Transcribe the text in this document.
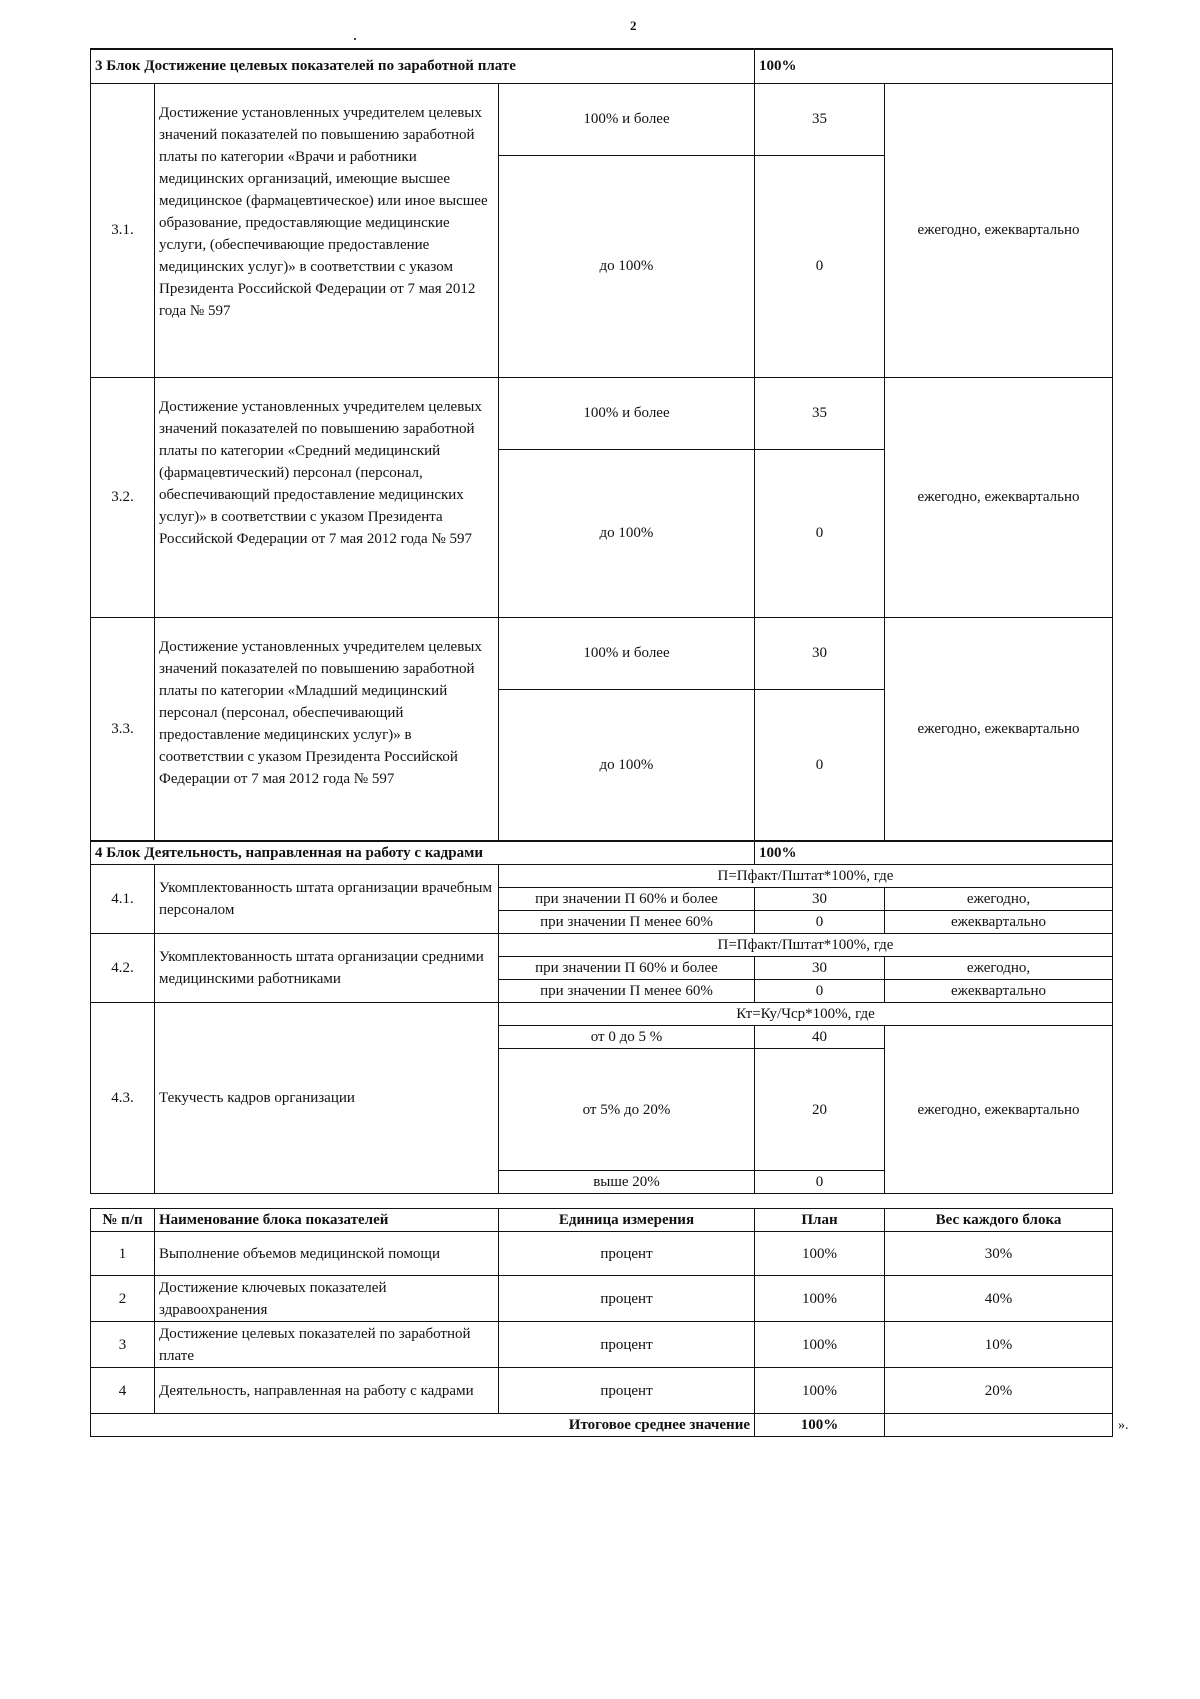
2
3 Блок Достижение целевых показателей по заработной плате			100%	
3.1.	Достижение установленных учредителем целевых значений показателей по повышению заработной платы по категории «Врачи и работники медицинских организаций, имеющие высшее медицинское (фармацевтическое) или иное высшее образование, предоставляющие медицинские услуги, (обеспечивающие предоставление медицинских услуг)» в соответствии с указом Президента Российской Федерации от 7 мая 2012 года № 597	100% и более	35	ежегодно, ежеквартально
		до 100%	0	
3.2.	Достижение установленных учредителем целевых значений показателей по повышению заработной платы по категории «Средний медицинский (фармацевтический) персонал (персонал, обеспечивающий предоставление медицинских услуг)» в соответствии с указом Президента Российской Федерации от 7 мая 2012 года № 597	100% и более	35	ежегодно, ежеквартально
		до 100%	0	
3.3.	Достижение установленных учредителем целевых значений показателей по повышению заработной платы по категории «Младший медицинский персонал (персонал, обеспечивающий предоставление медицинских услуг)» в соответствии с указом Президента Российской Федерации от 7 мая 2012 года № 597	100% и более	30	ежегодно, ежеквартально
		до 100%	0	
4 Блок Деятельность, направленная на работу с кадрами			100%	
4.1.	Укомплектованность штата организации врачебным персоналом	П=Пфакт/Пштат*100%, где		
		при значении П 60% и более	30	ежегодно,
		при значении П менее 60%	0	ежеквартально
4.2.	Укомплектованность штата организации средними медицинскими работниками	П=Пфакт/Пштат*100%, где		
		при значении П 60% и более	30	ежегодно,
		при значении П менее 60%	0	ежеквартально
4.3.	Текучесть кадров организации	Кт=Ку/Чср*100%, где		
		от 0 до 5 %	40	ежегодно, ежеквартально
		от 5% до 20%	20	
		выше 20%	0	
№ п/п	Наименование блока показателей	Единица измерения	План	Вес каждого блока
1	Выполнение объемов медицинской помощи	процент	100%	30%
2	Достижение ключевых показателей здравоохранения	процент	100%	40%
3	Достижение целевых показателей по заработной плате	процент	100%	10%
4	Деятельность, направленная на работу с кадрами	процент	100%	20%
Итоговое среднее значение			100%		».
